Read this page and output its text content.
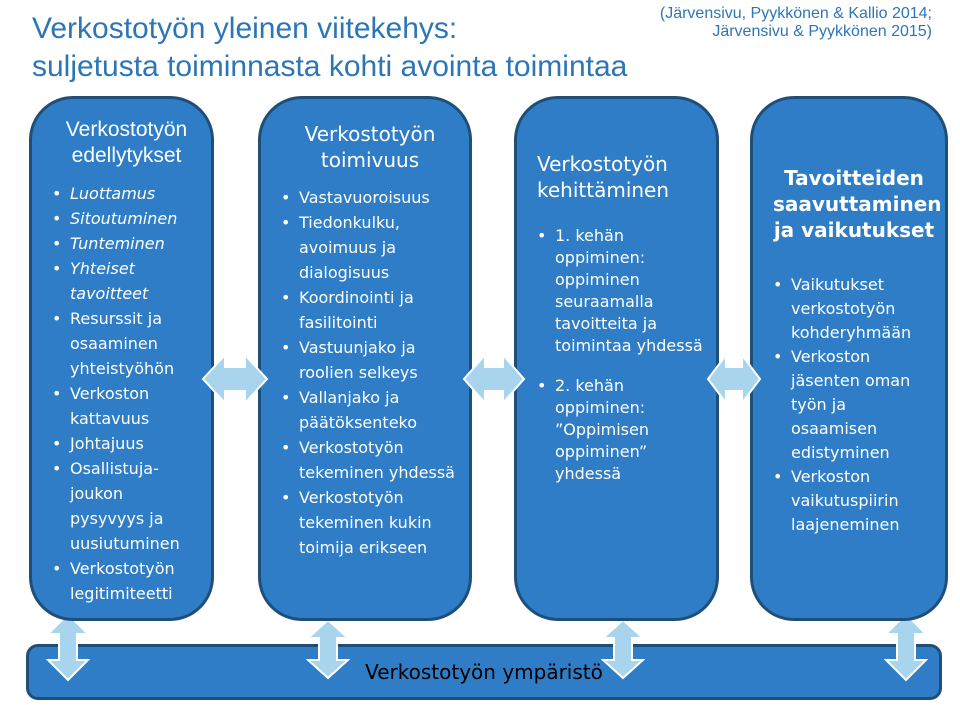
Verkostotyön yleinen viitekehys:
suljetusta toiminnasta kohti avointa toimintaa
(Järvensivu, Pyykkönen & Kallio 2014;
Järvensivu & Pyykkönen 2015)
Verkostotyön ympäristö
Verkostotyön
edellytykset
• Luottamus
• Sitoutuminen
• Tunteminen
• Yhteiset tavoitteet
• Resurssit ja osaaminen yhteistyöhön
• Verkoston kattavuus
• Johtajuus
• Osallistuja-joukon pysyvyys ja uusiutuminen
• Verkostotyön legitimiteetti
Verkostotyön
toimivuus
• Vastavuoroisuus
• Tiedonkulku, avoimuus ja dialogisuus
• Koordinointi ja fasilitointi
• Vastuunjako ja roolien selkeys
• Vallanjako ja päätöksenteko
• Verkostotyön tekeminen yhdessä
• Verkostotyön tekeminen kukin toimija erikseen
Verkostotyön
kehittäminen
• 1. kehän oppiminen: oppiminen seuraamalla tavoitteita ja toimintaa yhdessä
• 2. kehän oppiminen: ”Oppimisen oppiminen” yhdessä
Tavoitteiden
saavuttaminen
ja vaikutukset
• Vaikutukset verkostotyön kohderyhmään
• Verkoston jäsenten oman työn ja osaamisen edistyminen
• Verkoston vaikutuspiirin laajeneminen
